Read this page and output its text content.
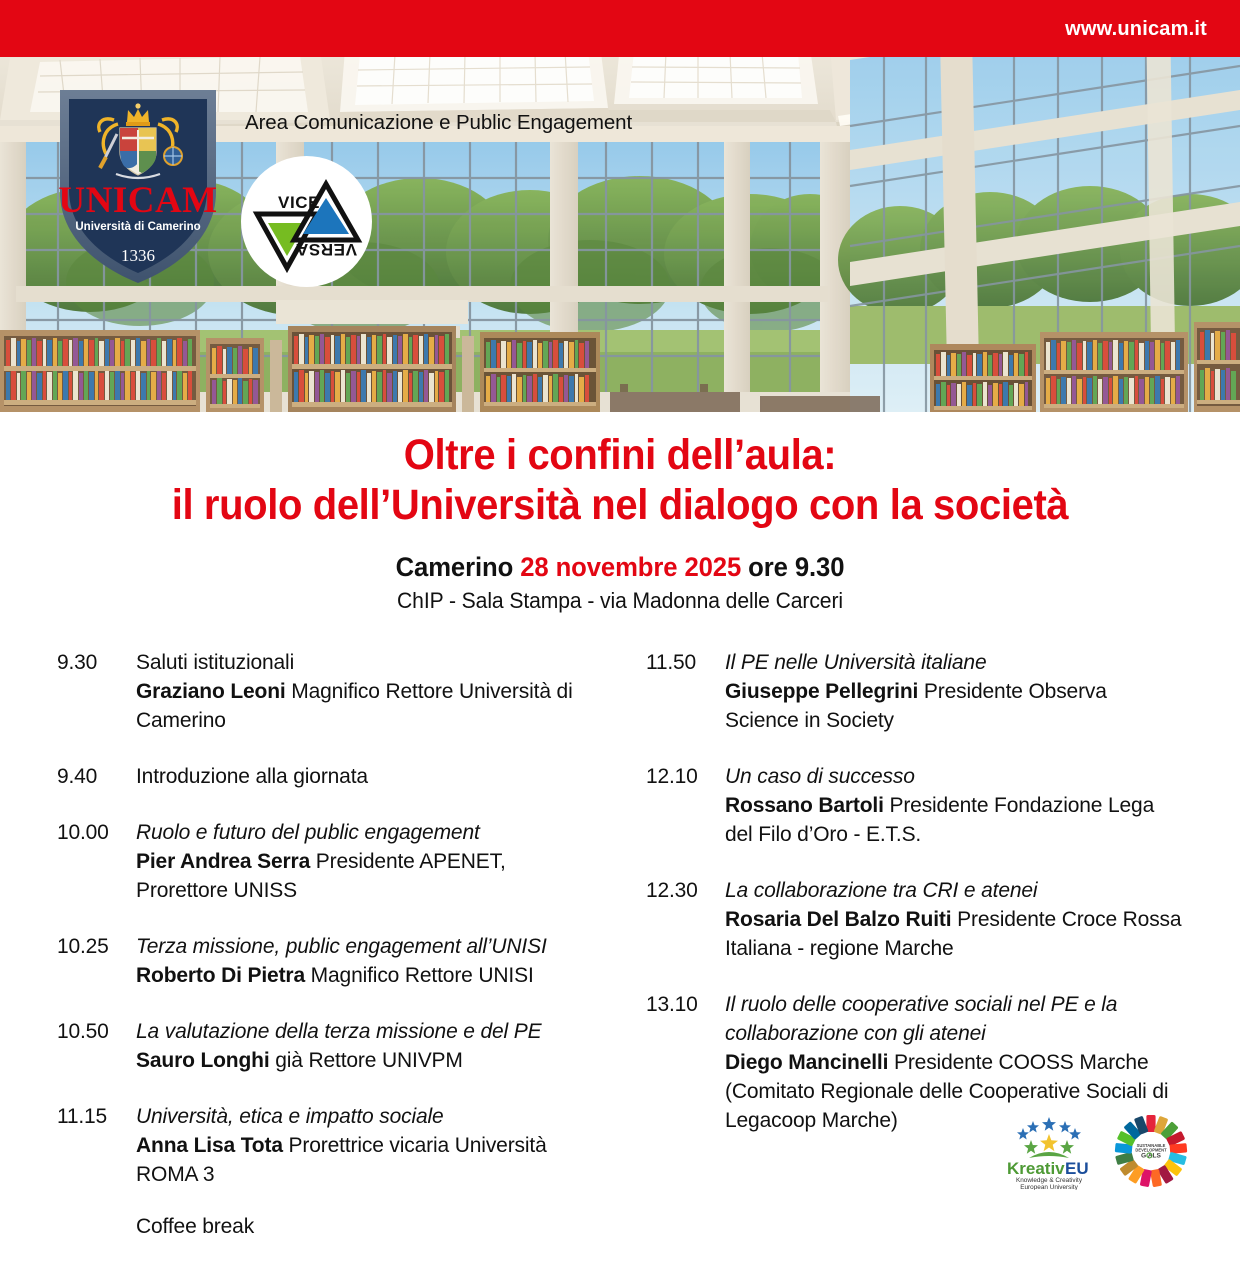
www.unicam.it
Area Comunicazione e Public Engagement
UNICAM
Università di Camerino
1336
VICE
VERSA
Oltre i confini dell’aula:
il ruolo dell’Università nel dialogo con la società
Camerino 28 novembre 2025 ore 9.30
ChIP - Sala Stampa - via Madonna delle Carceri
9.30	Saluti istituzionali
Graziano Leoni Magnifico Rettore Università di Camerino
9.40	Introduzione alla giornata
10.00	Ruolo e futuro del public engagement
Pier Andrea Serra Presidente APENET, Prorettore UNISS
10.25	Terza missione, public engagement all’UNISI
Roberto Di Pietra Magnifico Rettore UNISI
10.50	La valutazione della terza missione e del PE
Sauro Longhi già Rettore UNIVPM
11.15	Università, etica e impatto sociale
Anna Lisa Tota Prorettrice vicaria Università ROMA 3
Coffee break
11.50	Il PE nelle Università italiane
Giuseppe Pellegrini Presidente Observa Science in Society
12.10	Un caso di successo
Rossano Bartoli Presidente Fondazione Lega del Filo d’Oro - E.T.S.
12.30	La collaborazione tra CRI e atenei
Rosaria Del Balzo Ruiti Presidente Croce Rossa Italiana - regione Marche
13.10	Il ruolo delle cooperative sociali nel PE e la collaborazione con gli atenei
Diego Mancinelli Presidente COOSS Marche (Comitato Regionale delle Cooperative Sociali di Legacoop Marche)
Kreativ EU
Knowledge & Creativity
European University
SUSTAINABLE
DEVELOPMENT
G ALS
